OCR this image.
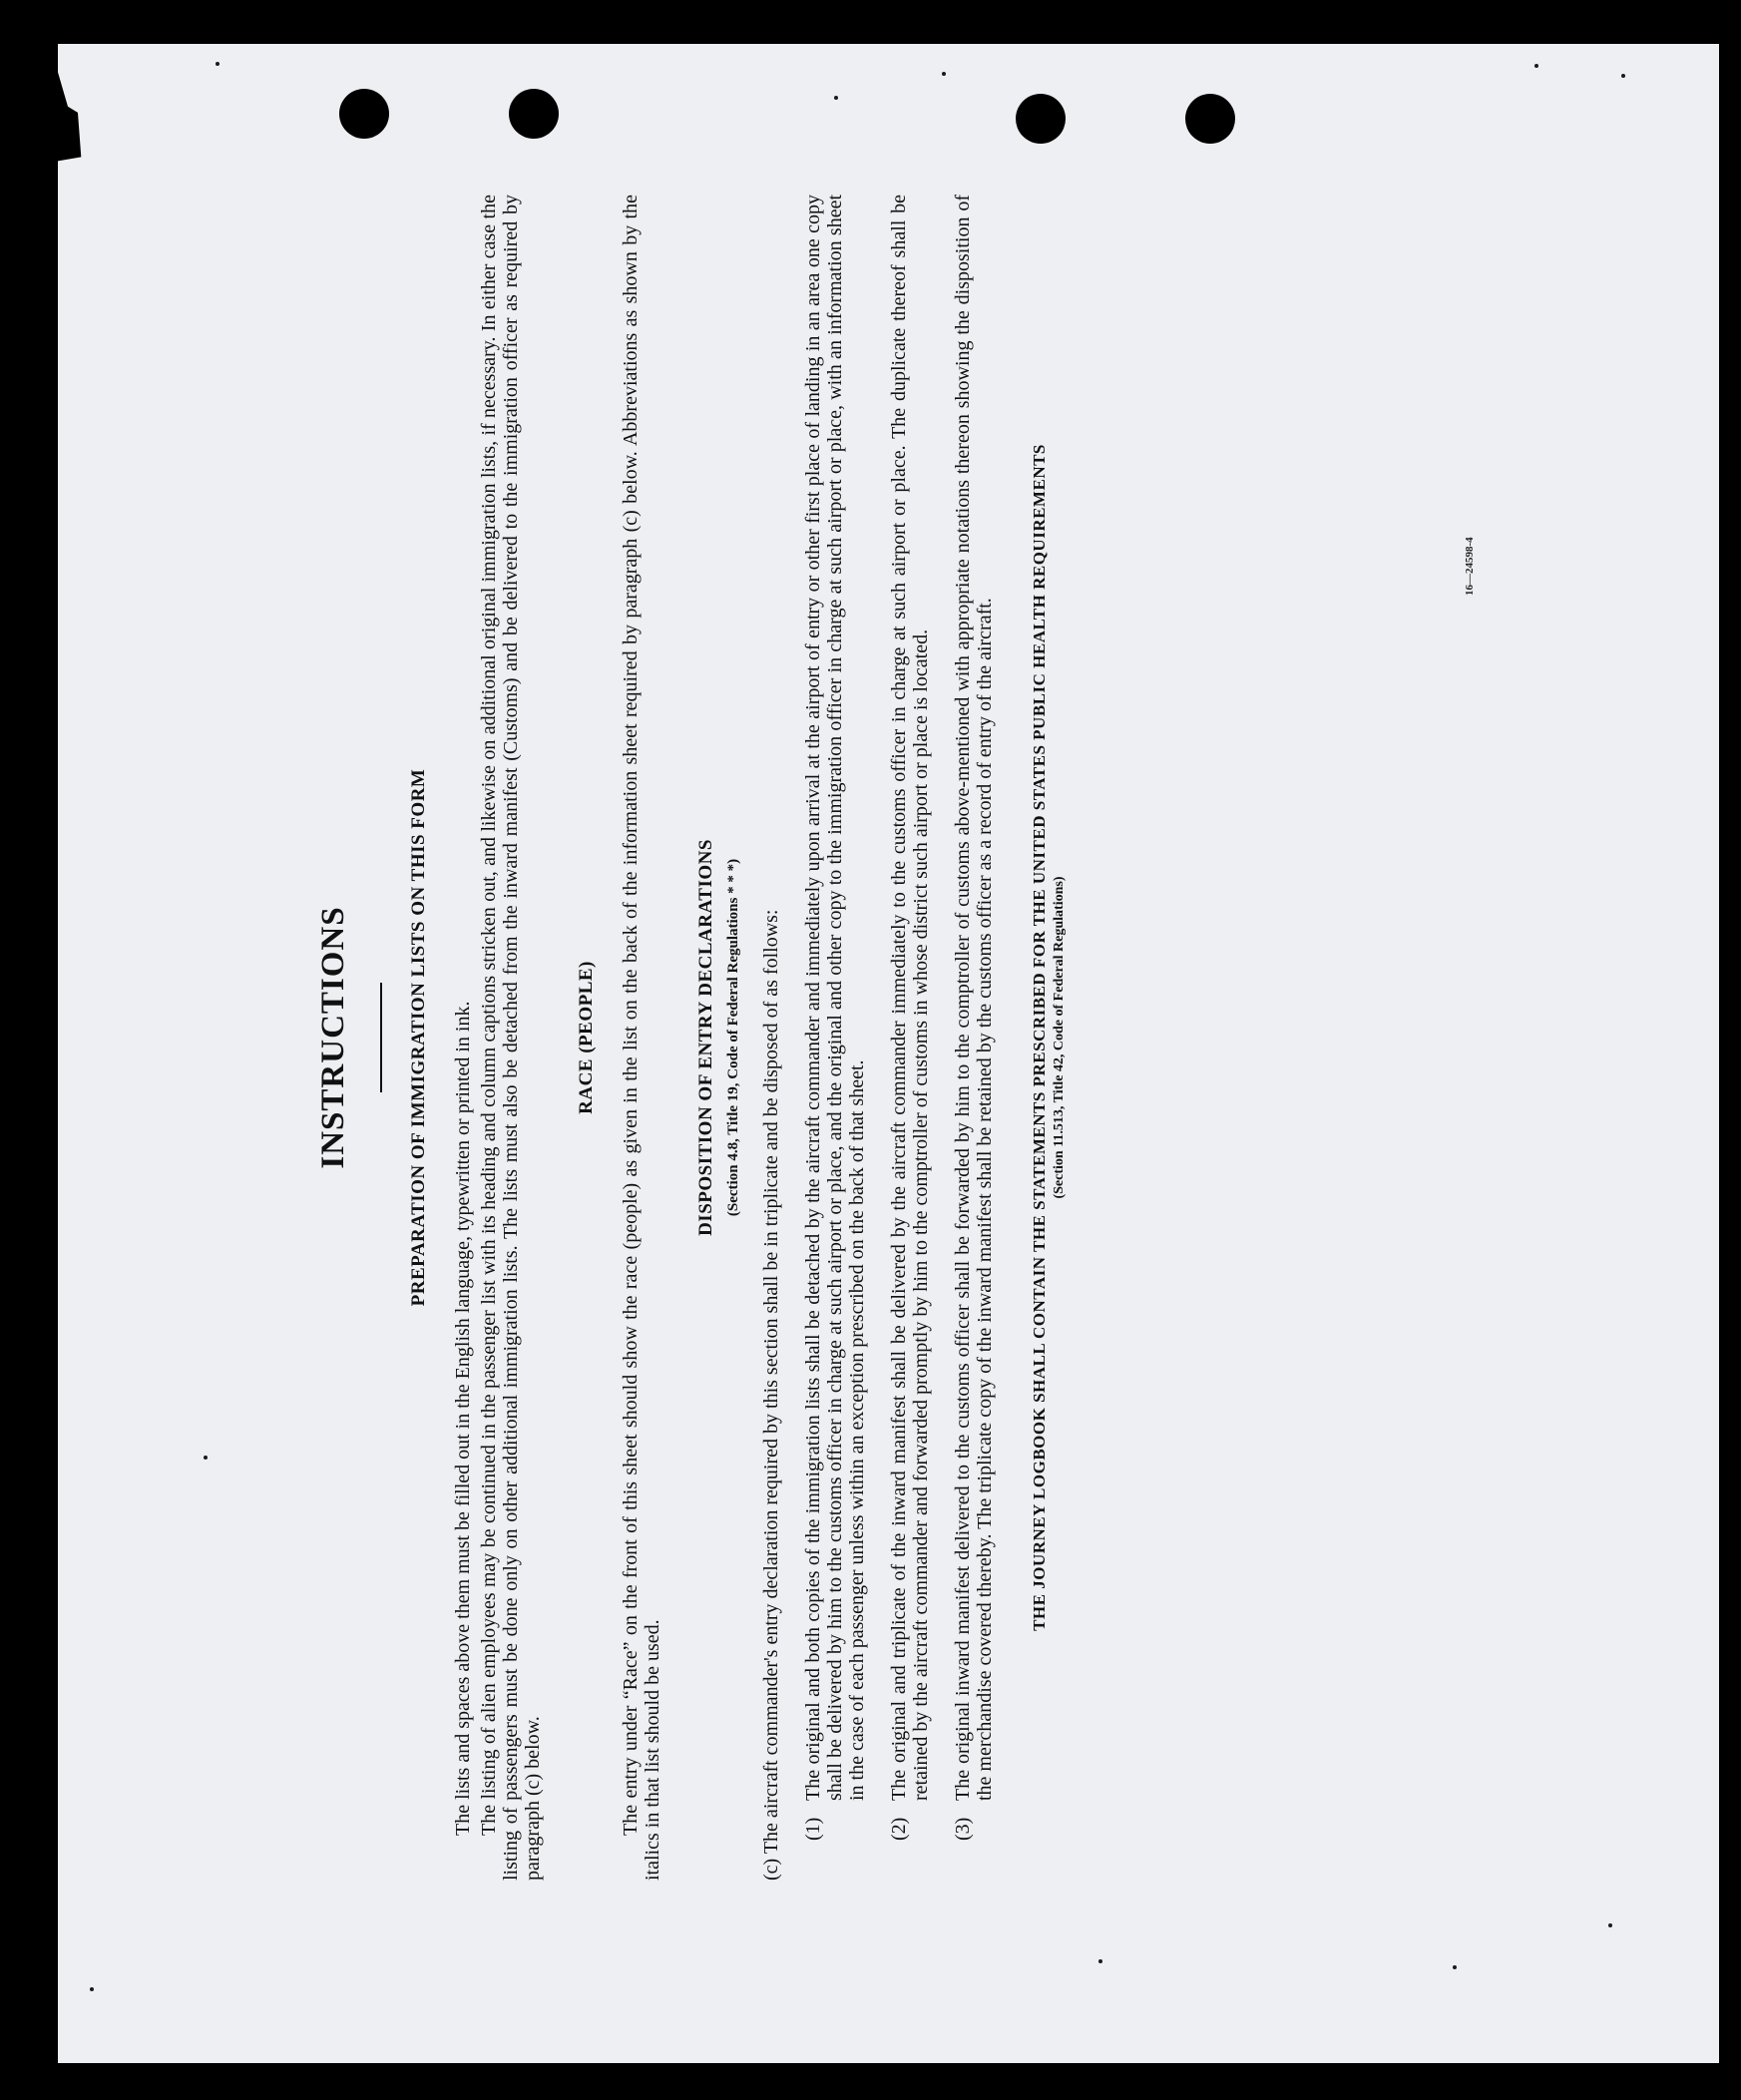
INSTRUCTIONS	PREPARATION OF IMMIGRATION LISTS ON THIS FORM The lists and spaces above them must be filled out in the English language, typewritten or printed in ink. The listing of alien employees may be continued in the passenger list with its heading and column captions stricken out, and likewise on additional original immigration lists, if necessary. In either case the listing of passengers must be done only on other additional immigration lists. The lists must also be detached from the inward manifest (Customs) and be delivered to the immigration officer as required by paragraph (c) below.

RACE (PEOPLE) The entry under “Race” on the front of this sheet should show the race (people) as given in the list on the back of the information sheet required by paragraph (c) below. Abbreviations as shown by the italics in that list should be used.

DISPOSITION OF ENTRY DECLARATIONS (Section 4.8, Title 19, Code of Federal Regulations * * *)
(c) The aircraft commander's entry declaration required by this section shall be in triplicate and be disposed of as follows: (1)
The original and both copies of the immigration lists shall be detached by the aircraft commander and immediately upon arrival at the airport of entry or other first place of landing in an area one copy shall be delivered by him to the customs officer in charge at such airport or place, and the original and other copy to the immigration officer in charge at such airport or place, with an information sheet in the case of each passenger unless within an exception prescribed on the back of that sheet.
(2)
The original and triplicate of the inward manifest shall be delivered by the aircraft commander immediately to the customs officer in charge at such airport or place. The duplicate thereof shall be retained by the aircraft commander and forwarded promptly by him to the comptroller of customs in whose district such airport or place is located.
(3)
The original inward manifest delivered to the customs officer shall be forwarded by him to the comptroller of customs above-mentioned with appropriate notations thereon showing the disposition of the merchandise covered thereby. The triplicate copy of the inward manifest shall be retained by the customs officer as a record of entry of the aircraft. THE JOURNEY LOGBOOK SHALL CONTAIN THE STATEMENTS PRESCRIBED FOR THE UNITED STATES PUBLIC HEALTH REQUIREMENTS (Section 11.513, Title 42, Code of Federal Regulations)
16—24598-4
